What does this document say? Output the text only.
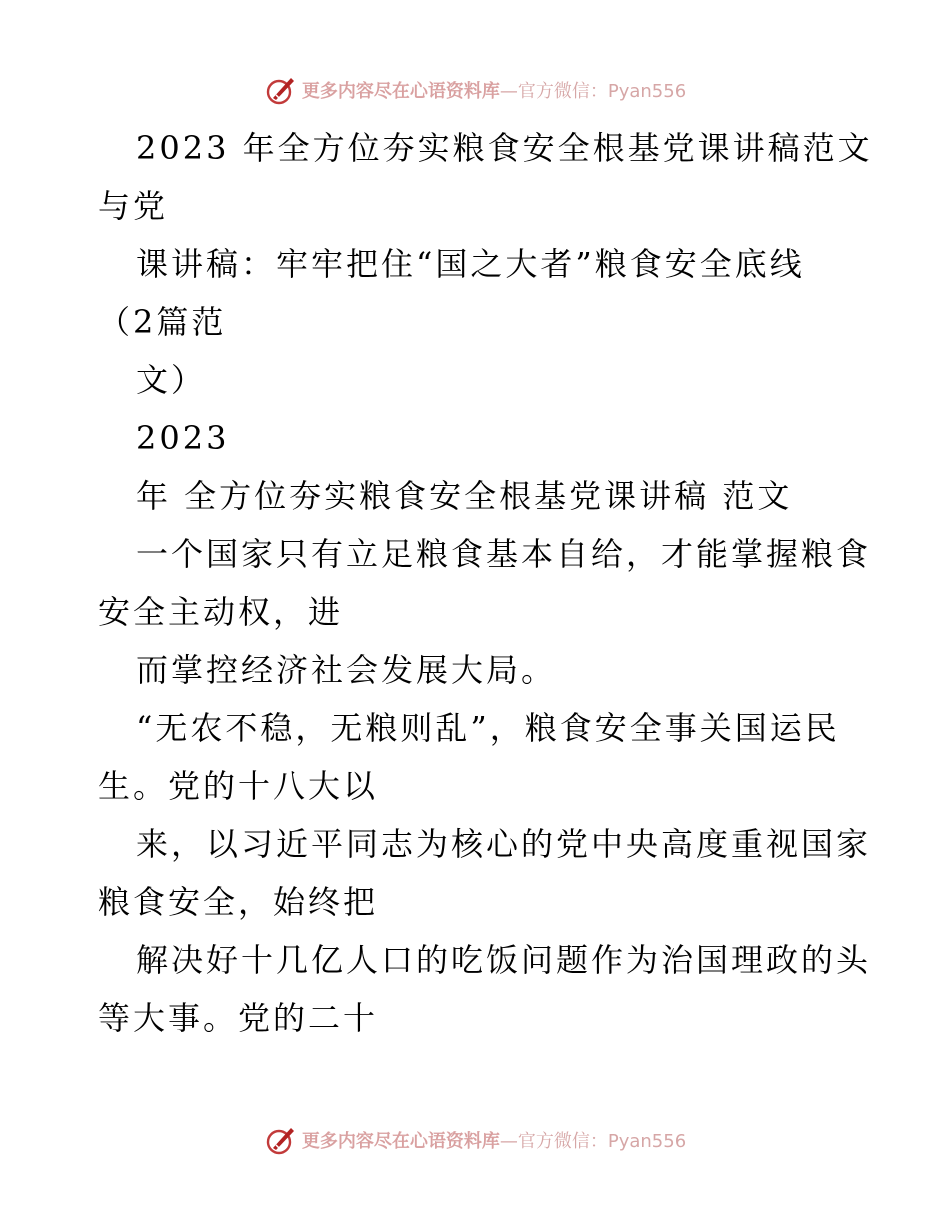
更多内容尽在心语资料库—官方微信：Pyan556
2023 年全方位夯实粮食安全根基党课讲稿范文
与党
课讲稿：牢牢把住“国之大者”粮食安全底线
（2篇范
文）
2023
年 全方位夯实粮食安全根基党课讲稿 范文
一个国家只有立足粮食基本自给，才能掌握粮食
安全主动权，进
而掌控经济社会发展大局。
“无农不稳，无粮则乱”，粮食安全事关国运民
生。党的十八大以
来，以习近平同志为核心的党中央高度重视国家
粮食安全，始终把
解决好十几亿人口的吃饭问题作为治国理政的头
等大事。党的二十
更多内容尽在心语资料库—官方微信：Pyan556
